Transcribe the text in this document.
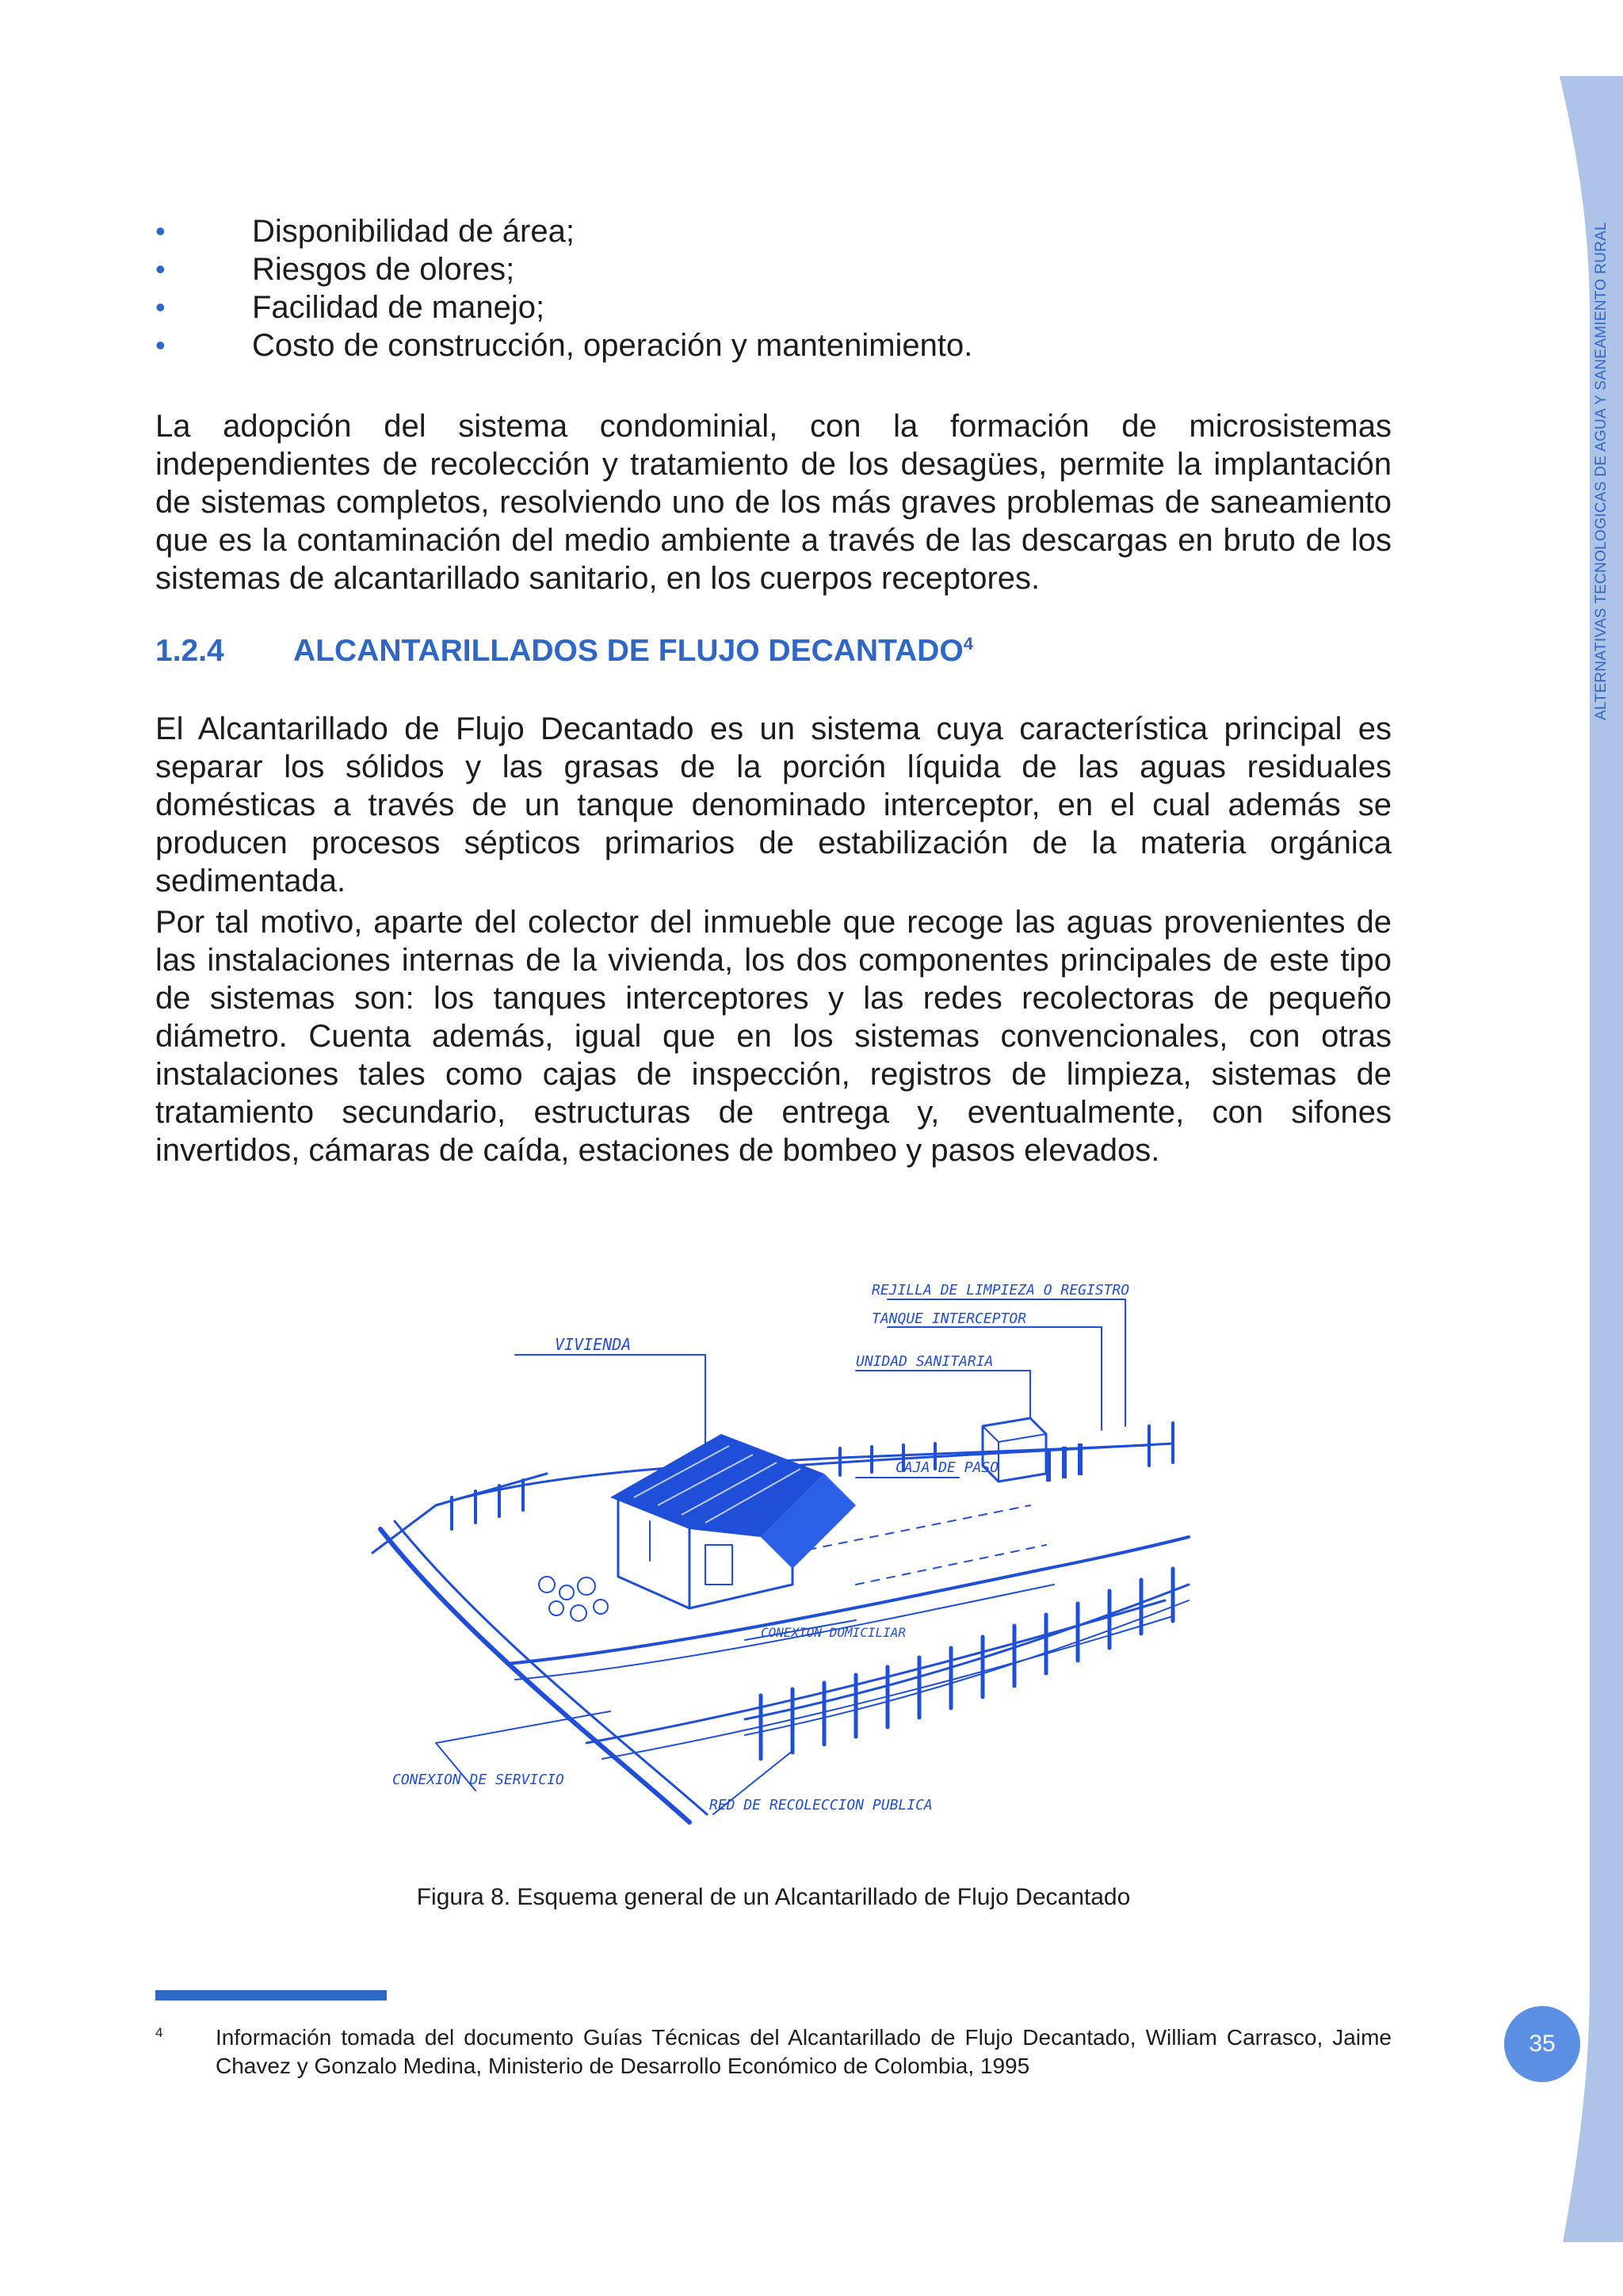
ALTERNATIVAS TECNOLOGICAS DE AGUA Y SANEAMIENTO RURAL
35
•	Disponibilidad de área;
•	Riesgos de olores;
•	Facilidad de manejo;
•	Costo de construcción, operación y mantenimiento.

La adopción del sistema condominial, con la formación de microsistemas independientes de recolección y tratamiento de los desagües, permite la implantación de sistemas completos, resolviendo uno de los más graves problemas de saneamiento que es la contaminación del medio ambiente a través de las descargas en bruto de los sistemas de alcantarillado sanitario, en los cuerpos receptores.

1.2.4 ALCANTARILLADOS DE FLUJO DECANTADO$^4$

El Alcantarillado de Flujo Decantado es un sistema cuya característica principal es separar los sólidos y las grasas de la porción líquida de las aguas residuales domésticas a través de un tanque denominado interceptor, en el cual además se producen procesos sépticos primarios de estabilización de la materia orgánica sedimentada.

Por tal motivo, aparte del colector del inmueble que recoge las aguas provenientes de las instalaciones internas de la vivienda, los dos componentes principales de este tipo de sistemas son: los tanques interceptores y las redes recolectoras de pequeño diámetro. Cuenta además, igual que en los sistemas convencionales, con otras instalaciones tales como cajas de inspección, registros de limpieza, sistemas de tratamiento secundario, estructuras de entrega y, eventualmente, con sifones invertidos, cámaras de caída, estaciones de bombeo y pasos elevados.

REJILLA DE LIMPIEZA O REGISTRO
TANQUE INTERCEPTOR
UNIDAD SANITARIA
VIVIENDA
CAJA DE PASO
CONEXION DOMICILIAR
CONEXION DE SERVICIO
RED DE RECOLECCION PUBLICA
Figura 8. Esquema general de un Alcantarillado de Flujo Decantado
4 Información tomada del documento Guías Técnicas del Alcantarillado de Flujo Decantado, William Carrasco, Jaime Chavez y Gonzalo Medina, Ministerio de Desarrollo Económico de Colombia, 1995
